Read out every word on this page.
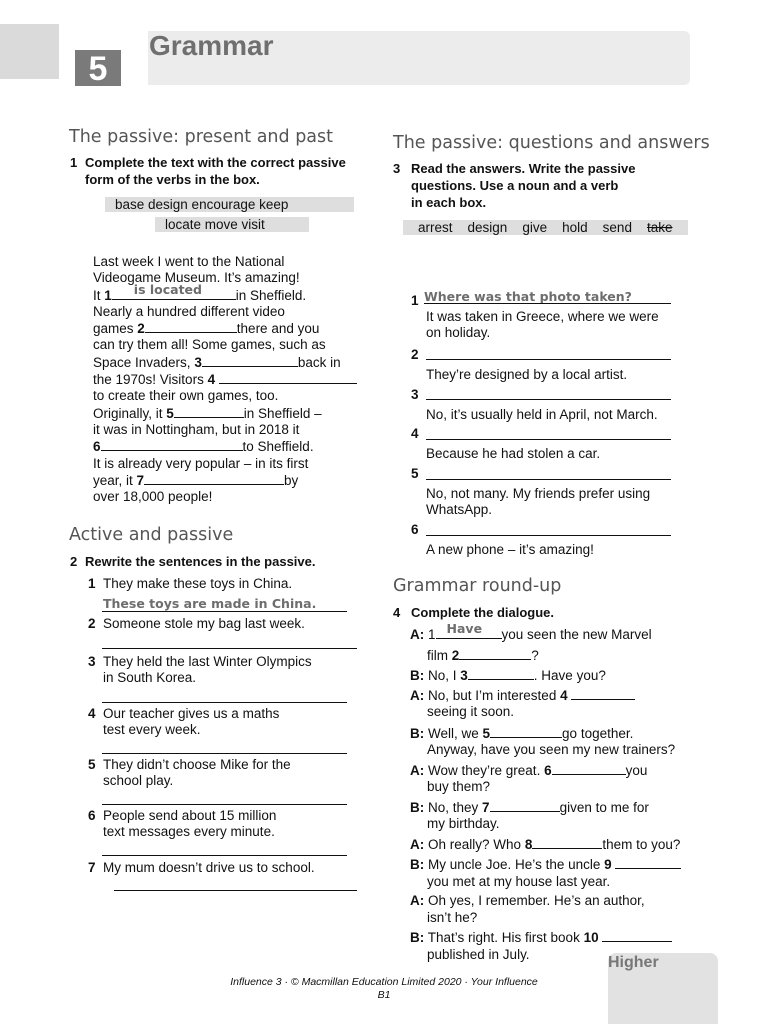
5
Grammar
The passive: present and past
1 Complete the text with the correct passive
form of the verbs in the box.
base design encourage keep
locate move visit
Last week I went to the National
Videogame Museum. It’s amazing!
It 1 is located	in Sheffield.
Nearly a hundred different video
games 2	there and you
can try them all! Some games, such as
Space Invaders, 3	back in
the 1970s! Visitors 4
to create their own games, too.
Originally, it 5	in Sheffield –
it was in Nottingham, but in 2018 it
6	to Sheffield.
It is already very popular – in its first
year, it 7	by
over 18,000 people!
Active and passive
2 Rewrite the sentences in the passive.
1 They make these toys in China.
These toys are made in China.
2 Someone stole my bag last week.
3 They held the last Winter Olympics
in South Korea.
4 Our teacher gives us a maths
test every week.
5 They didn’t choose Mike for the
school play.
6 People send about 15 million
text messages every minute.
7 My mum doesn’t drive us to school.
The passive: questions and answers
3 Read the answers. Write the passive
questions. Use a noun and a verb
in each box.
arrest design give hold send take

1 Where was that photo taken?
It was taken in Greece, where we were
on holiday.
2
They’re designed by a local artist.
3
No, it’s usually held in April, not March.
4
Because he had stolen a car.
5
No, not many. My friends prefer using
WhatsApp.
6
A new phone – it’s amazing!
Grammar round-up
4 Complete the dialogue.
A: 1 Have you seen the new Marvel
film 2	?
B: No, I 3	. Have you?
A: No, but I’m interested 4
seeing it soon.
B: Well, we 5	go together.
Anyway, have you seen my new trainers?
A: Wow they’re great. 6	you
buy them?
B: No, they 7	given to me for
my birthday.
A: Oh really? Who 8	them to you?
B: My uncle Joe. He’s the uncle 9
you met at my house last year.
A: Oh yes, I remember. He’s an author,
isn’t he?
B: That’s right. His first book 10
published in July.	Higher
Influence 3 · © Macmillan Education Limited 2020 · Your Influence
B1
